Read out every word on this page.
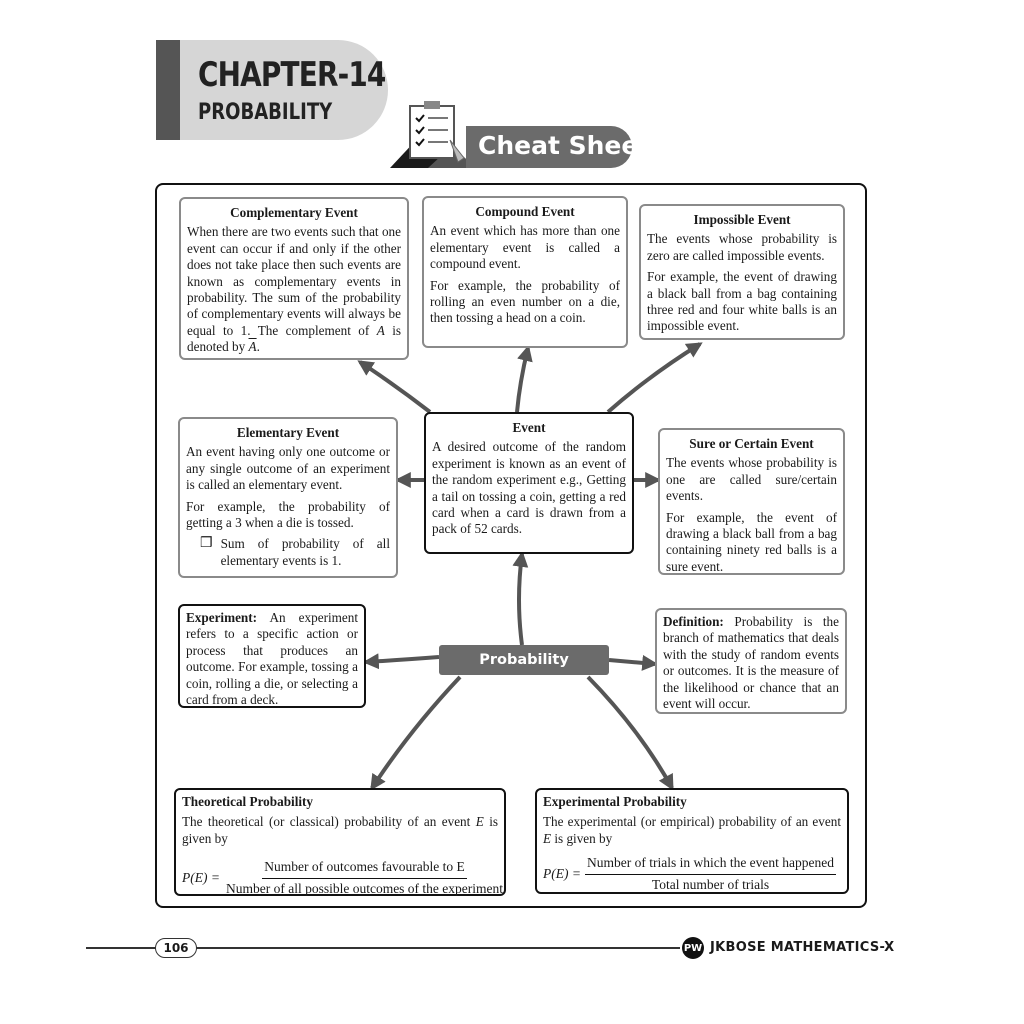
CHAPTER-14
PROBABILITY
Cheat Sheet
Complementary Event
When there are two events such that one event can occur if and only if the other does not take place then such events are known as complementary events in probability. The sum of the probability of complementary events will always be equal to 1. The complement of A is denoted by $\overline{A}$.
Compound Event

An event which has more than one elementary event is called a compound event.

For example, the probability of rolling an even number on a die, then tossing a head on a coin.

Impossible Event

The events whose probability is zero are called impossible events.

For example, the event of drawing a black ball from a bag containing three red and four white balls is an impossible event.

Elementary Event

An event having only one outcome or any single outcome of an experiment is called an elementary event.

For example, the probability of getting a 3 when a die is tossed.

❒ Sum of probability of all elementary events is 1.
Event

A desired outcome of the random experiment is known as an event of the random experiment e.g., Getting a tail on tossing a coin, getting a red card when a card is drawn from a pack of 52 cards.

Sure or Certain Event

The events whose probability is one are called sure/certain events.

For example, the event of drawing a black ball from a bag containing ninety red balls is a sure event.

Experiment: An experiment refers to a specific action or process that produces an outcome. For example, tossing a coin, rolling a die, or selecting a card from a deck.
Definition: Probability is the branch of mathematics that deals with the study of random events or outcomes. It is the measure of the likelihood or chance that an event will occur.
Probability
Theoretical Probability
The theoretical (or classical) probability of an event E is given by
$P(E) = \frac{\text{Number of outcomes favourable to E}}{\text{Number of all possible outcomes of the experiment}}$
Experimental Probability
The experimental (or empirical) probability of an event E is given by
$P(E) = \frac{\text{Number of trials in which the event happened}}{\text{Total number of trials}}$
106	PW JKBOSE MATHEMATICS-X
